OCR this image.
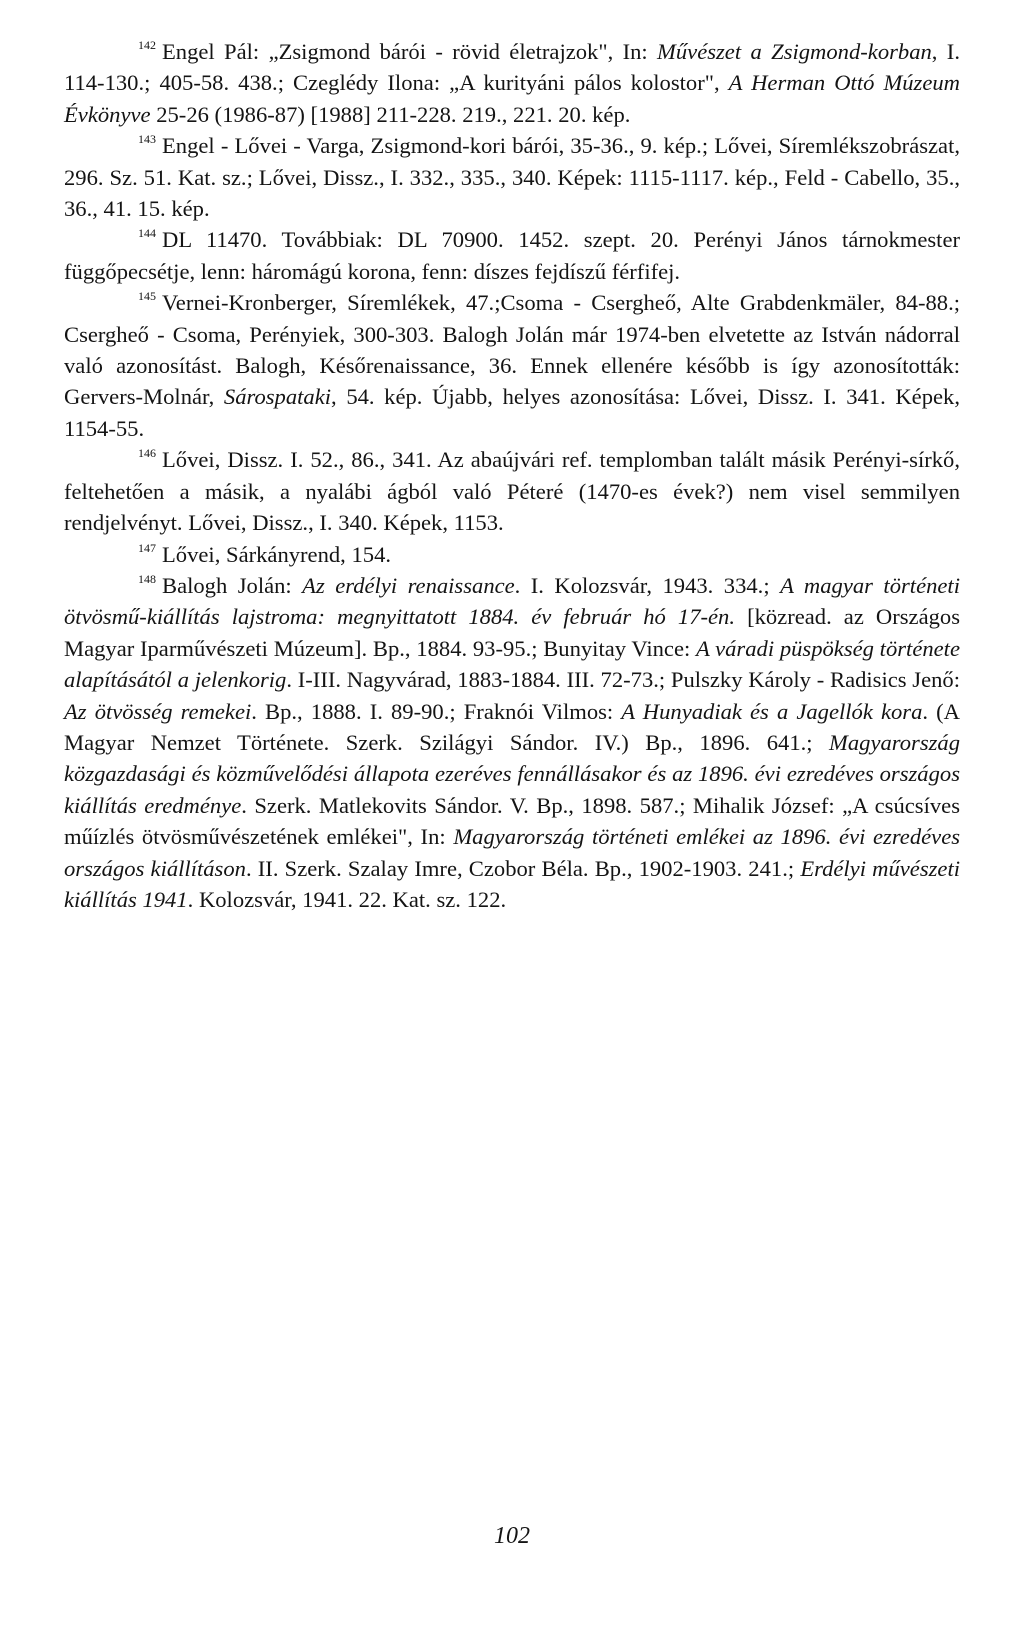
$^{142}$ Engel Pál: „Zsigmond bárói - rövid életrajzok", In: Művészet a Zsigmond-korban, I. 114-130.; 405-58. 438.; Czeglédy Ilona: „A kurityáni pálos kolostor", A Herman Ottó Múzeum Évkönyve 25-26 (1986-87) [1988] 211-228. 219., 221. 20. kép.

$^{143}$ Engel - Lővei - Varga, Zsigmond-kori bárói, 35-36., 9. kép.; Lővei, Síremlékszobrászat, 296. Sz. 51. Kat. sz.; Lővei, Dissz., I. 332., 335., 340. Képek: 1115-1117. kép., Feld - Cabello, 35., 36., 41. 15. kép.

$^{144}$ DL 11470. Továbbiak: DL 70900. 1452. szept. 20. Perényi János tárnokmester függőpecsétje, lenn: háromágú korona, fenn: díszes fejdíszű férfifej.

$^{145}$ Vernei-Kronberger, Síremlékek, 47.;Csoma - Csergheő, Alte Grabdenkmäler, 84-88.; Csergheő - Csoma, Perényiek, 300-303. Balogh Jolán már 1974-ben elvetette az István nádorral való azonosítást. Balogh, Későrenaissance, 36. Ennek ellenére később is így azonosították: Gervers-Molnár, Sárospataki, 54. kép. Újabb, helyes azonosítása: Lővei, Dissz. I. 341. Képek, 1154-55.

$^{146}$ Lővei, Dissz. I. 52., 86., 341. Az abaújvári ref. templomban talált másik Perényi-sírkő, feltehetően a másik, a nyalábi ágból való Péteré (1470-es évek?) nem visel semmilyen rendjelvényt. Lővei, Dissz., I. 340. Képek, 1153.

$^{147}$ Lővei, Sárkányrend, 154.

$^{148}$ Balogh Jolán: Az erdélyi renaissance. I. Kolozsvár, 1943. 334.; A magyar történeti ötvösmű-kiállítás lajstroma: megnyittatott 1884. év február hó 17-én. [közread. az Országos Magyar Iparművészeti Múzeum]. Bp., 1884. 93-95.; Bunyitay Vince: A váradi püspökség története alapításától a jelenkorig. I-III. Nagyvárad, 1883-1884. III. 72-73.; Pulszky Károly - Radisics Jenő: Az ötvösség remekei. Bp., 1888. I. 89-90.; Fraknói Vilmos: A Hunyadiak és a Jagellók kora. (A Magyar Nemzet Története. Szerk. Szilágyi Sándor. IV.) Bp., 1896. 641.; Magyarország közgazdasági és közművelődési állapota ezeréves fennállásakor és az 1896. évi ezredéves országos kiállítás eredménye. Szerk. Matlekovits Sándor. V. Bp., 1898. 587.; Mihalik József: „A csúcsíves műízlés ötvösművészetének emlékei", In: Magyarország történeti emlékei az 1896. évi ezredéves országos kiállításon. II. Szerk. Szalay Imre, Czobor Béla. Bp., 1902-1903. 241.; Erdélyi művészeti kiállítás 1941. Kolozsvár, 1941. 22. Kat. sz. 122.

102
